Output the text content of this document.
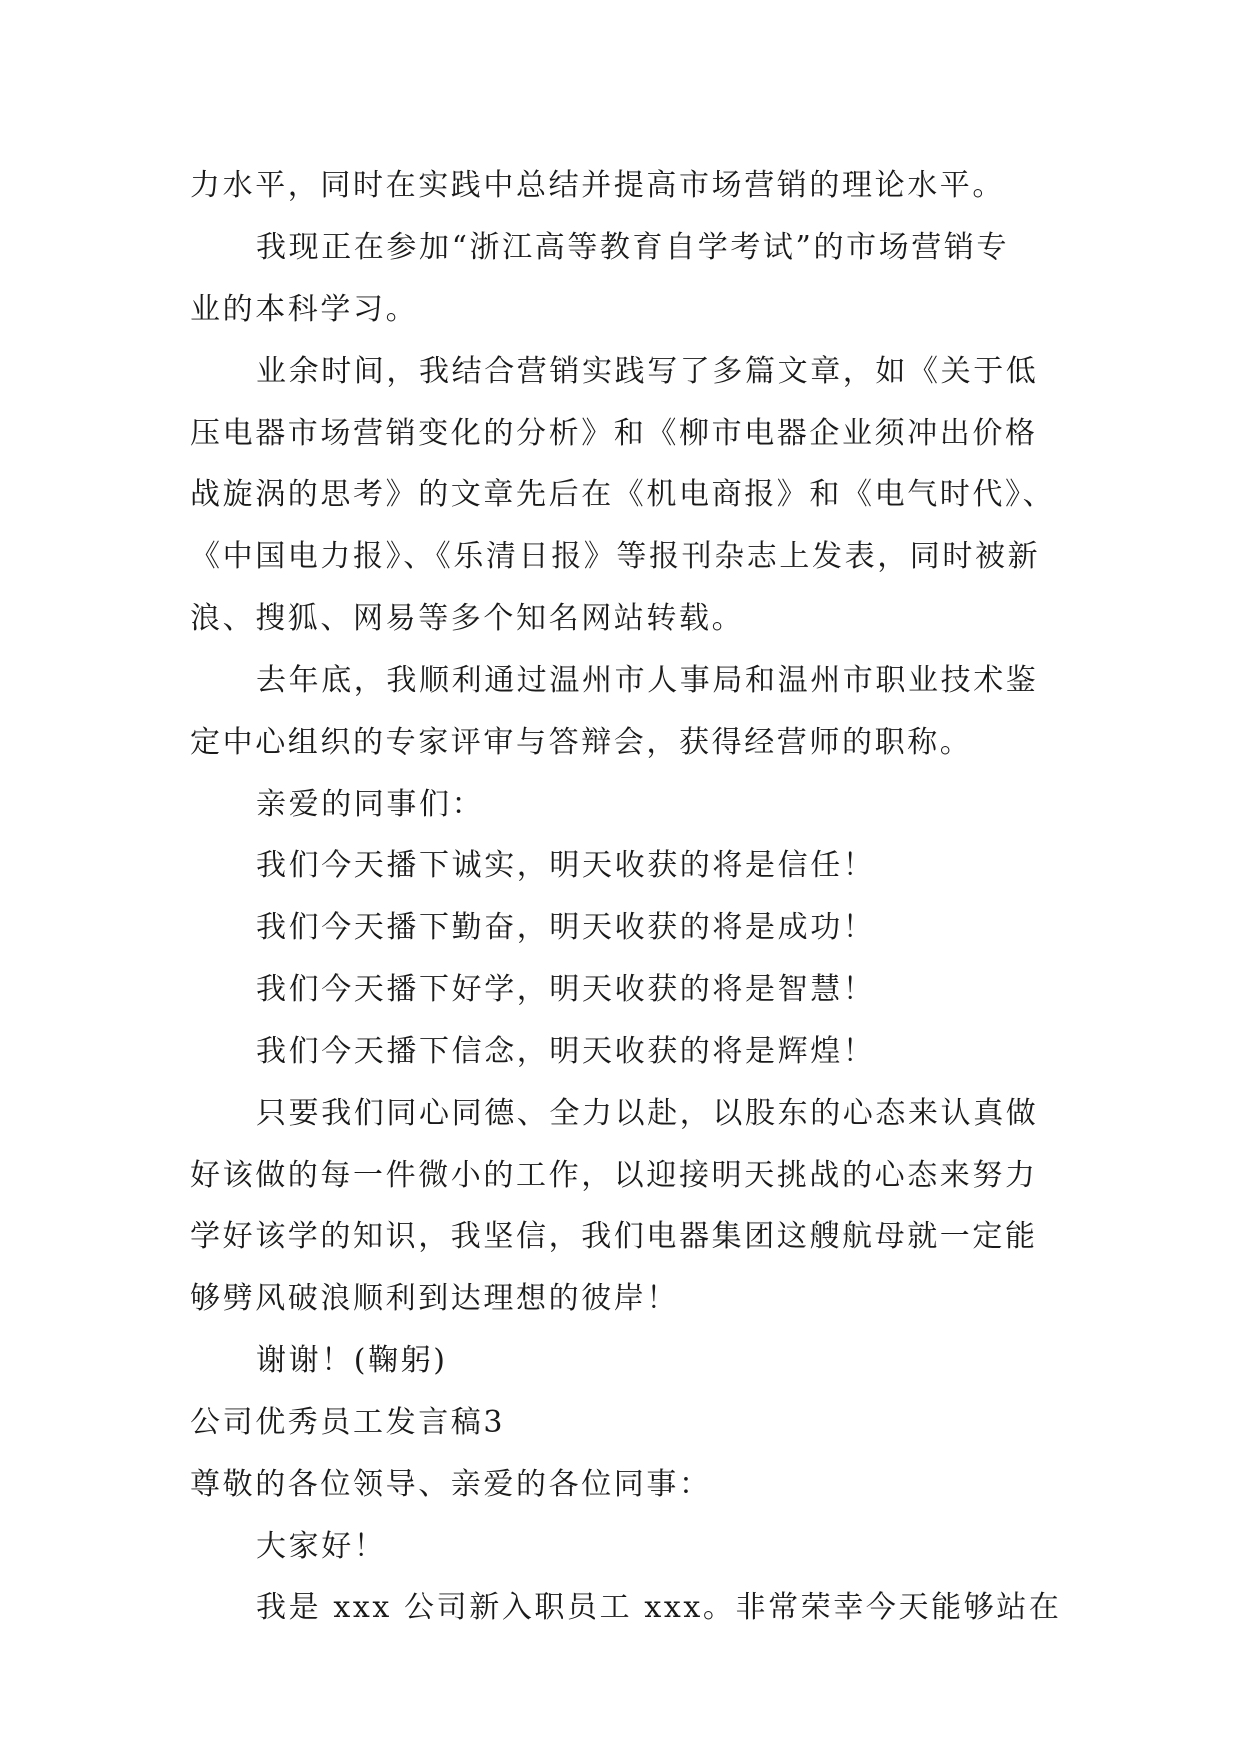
力水平，同时在实践中总结并提高市场营销的理论水平。
我现正在参加“浙江高等教育自学考试”的市场营销专
业的本科学习。
业余时间，我结合营销实践写了多篇文章，如《关于低
压电器市场营销变化的分析》和《柳市电器企业须冲出价格
战旋涡的思考》的文章先后在《机电商报》和《电气时代》、
《中国电力报》、《乐清日报》等报刊杂志上发表，同时被新
浪、搜狐、网易等多个知名网站转载。
去年底，我顺利通过温州市人事局和温州市职业技术鉴
定中心组织的专家评审与答辩会，获得经营师的职称。
亲爱的同事们：
我们今天播下诚实，明天收获的将是信任！
我们今天播下勤奋，明天收获的将是成功！
我们今天播下好学，明天收获的将是智慧！
我们今天播下信念，明天收获的将是辉煌！
只要我们同心同德、全力以赴，以股东的心态来认真做
好该做的每一件微小的工作，以迎接明天挑战的心态来努力
学好该学的知识，我坚信，我们电器集团这艘航母就一定能
够劈风破浪顺利到达理想的彼岸！
谢谢！(鞠躬)
公司优秀员工发言稿3
尊敬的各位领导、亲爱的各位同事：
大家好！
我是 xxx 公司新入职员工 xxx。非常荣幸今天能够站在
